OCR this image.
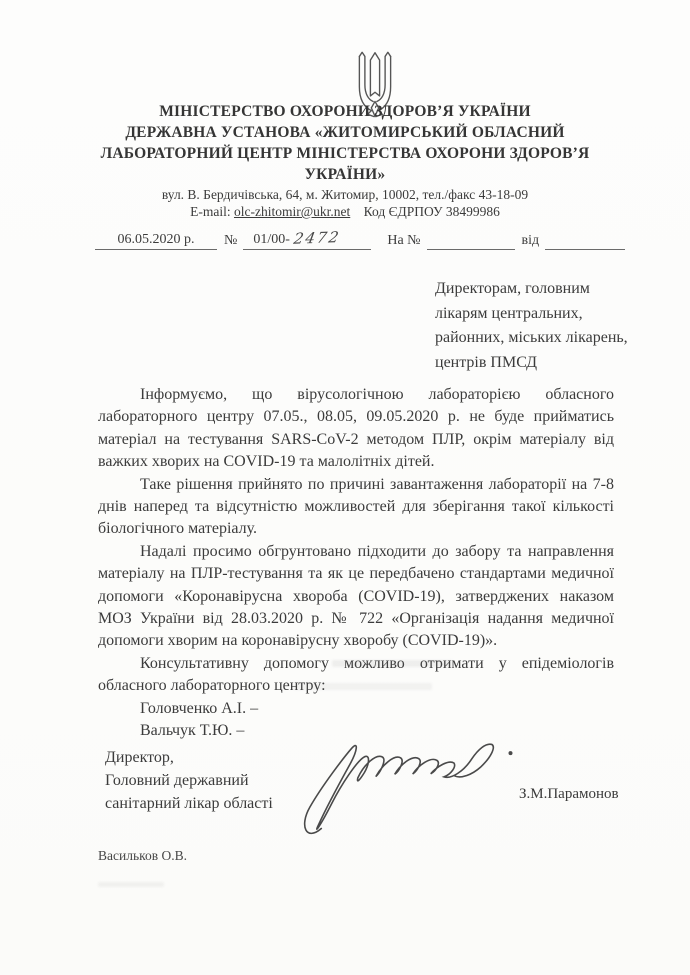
МІНІСТЕРСТВО ОХОРОНИ ЗДОРОВ’Я УКРАЇНИ
ДЕРЖАВНА УСТАНОВА «ЖИТОМИРСЬКИЙ ОБЛАСНИЙ
ЛАБОРАТОРНИЙ ЦЕНТР МІНІСТЕРСТВА ОХОРОНИ ЗДОРОВ’Я
УКРАЇНИ»
вул. В. Бердичівська, 64, м. Житомир, 10002, тел./факс 43-18-09
E-mail: olc-zhitomir@ukr.net Код ЄДРПОУ 38499986
06.05.2020 р.	№	01/00- 2472	На №	від
Директорам, головним
лікарям центральних,
районних, міських лікарень,
центрів ПМСД

Інформуємо, що вірусологічною лабораторією обласного лабораторного центру 07.05., 08.05, 09.05.2020 р. не буде прийматись матеріал на тестування SARS-CoV-2 методом ПЛР, окрім матеріалу від важких хворих на COVID-19 та малолітніх дітей.

Таке рішення прийнято по причині завантаження лабораторії на 7-8 днів наперед та відсутністю можливостей для зберігання такої кількості біологічного матеріалу.

Надалі просимо обгрунтовано підходити до забору та направлення матеріалу на ПЛР-тестування та як це передбачено стандартами медичної допомоги «Коронавірусна хвороба (COVID-19), затверджених наказом МОЗ України від 28.03.2020 р. № 722 «Організація надання медичної допомоги хворим на коронавірусну хворобу (COVID-19)».

Консультативну допомогу можливо отримати у епідеміологів обласного лабораторного центру:

Головченко А.І. –
Вальчук Т.Ю. –
Директор,
Головний державний
санітарний лікар області
З.М.Парамонов
Васильков О.В.
